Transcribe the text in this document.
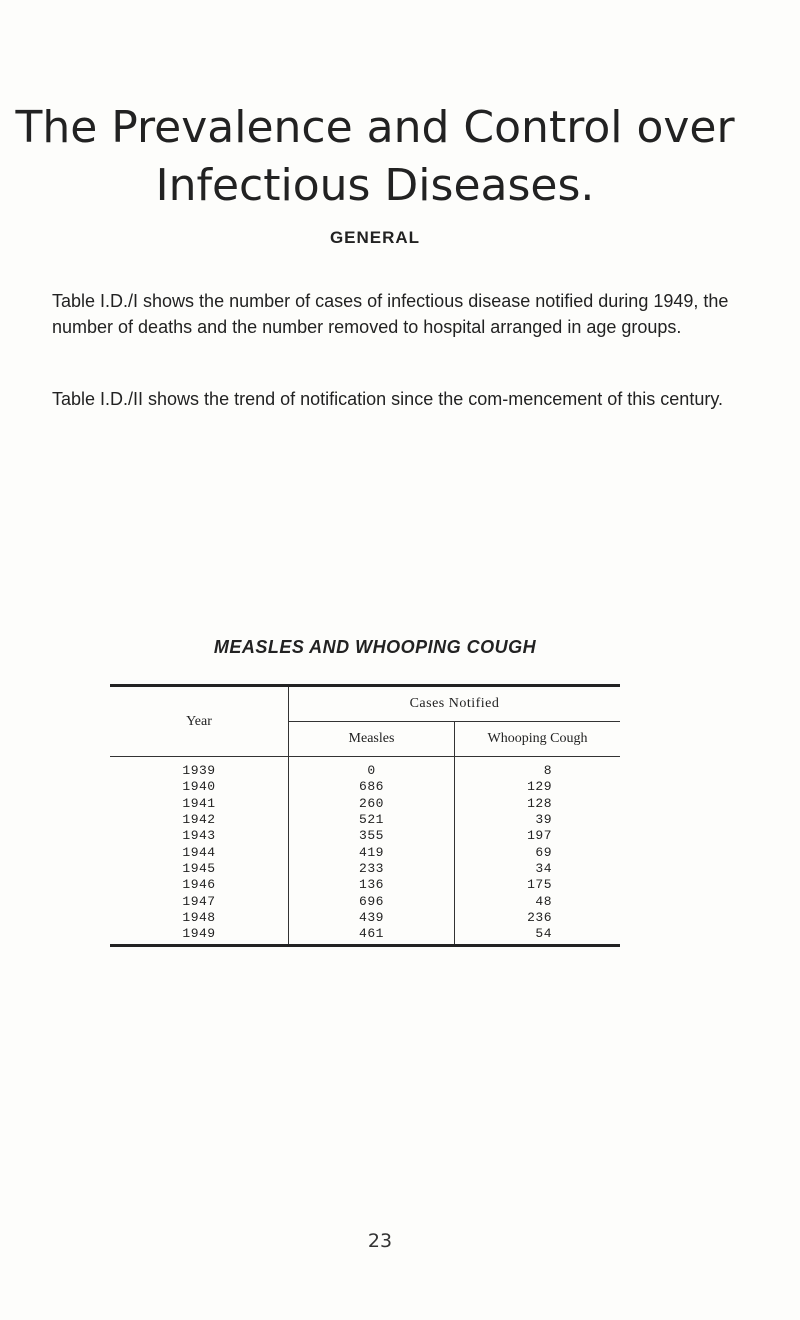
The Prevalence and Control over
Infectious Diseases.
GENERAL

Table I.D./I shows the number of cases of infectious disease notified during 1949, the number of deaths and the number removed to hospital arranged in age groups.

Table I.D./II shows the trend of notification since the com-mencement of this century.

MEASLES AND WHOOPING COUGH
Year	Cases Notified	
	Measles	Whooping Cough
1939	0	8
1940	686	129
1941	260	128
1942	521	39
1943	355	197
1944	419	69
1945	233	34
1946	136	175
1947	696	48
1948	439	236
1949	461	54
23
